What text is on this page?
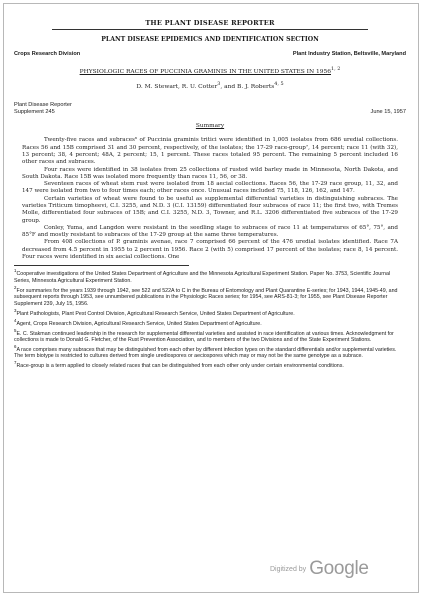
THE PLANT DISEASE REPORTER
PLANT DISEASE EPIDEMICS AND IDENTIFICATION SECTION
Crops Research Division	Plant Industry Station, Beltsville, Maryland
PHYSIOLOGIC RACES OF PUCCINIA GRAMINIS IN THE UNITED STATES IN 1956$^{1, 2}$
D. M. Stewart, R. U. Cotter$^3$, and B. J. Roberts$^{4, 5}$
Plant Disease Reporter
Supplement 245	June 15, 1957
Summary

Twenty-five races and subraces⁶ of Puccinia graminis tritici were identified in 1,005 isolates from 686 uredial collections. Races 56 and 15B comprised 31 and 30 percent, respectively, of the isolates; the 17-29 race-group⁷, 14 percent; race 11 (with 32), 13 percent; 38, 4 percent; 48A, 2 percent; 15, 1 percent. These races totaled 95 percent. The remaining 5 percent included 16 other races and subraces.

Four races were identified in 38 isolates from 25 collections of rusted wild barley made in Minnesota, North Dakota, and South Dakota. Race 15B was isolated more frequently than races 11, 56, or 38.

Seventeen races of wheat stem rust were isolated from 18 aecial collections. Races 56, the 17-29 race group, 11, 32, and 147 were isolated from two to four times each; other races once. Unusual races included 75, 118, 126, 162, and 147.

Certain varieties of wheat were found to be useful as supplemental differential varieties in distinguishing subraces. The varieties Triticum timopheevi, C.I. 3255, and N.D. 3 (C.I. 13159) differentiated four subraces of race 11; the first two, with Tremes Molle, differentiated four subraces of 15B; and C.I. 3255, N.D. 3, Towner, and R.L. 3206 differentiated five subraces of the 17-29 group.

Conley, Yuma, and Langdon were resistant in the seedling stage to subraces of race 11 at temperatures of 65°, 75°, and 85°F and mostly resistant to subraces of the 17-29 group at the same three temperatures.

From 408 collections of P. graminis avenae, race 7 comprised 66 percent of the 476 uredial isolates identified. Race 7A decreased from 4.5 percent in 1955 to 2 percent in 1956. Race 2 (with 5) comprised 17 percent of the isolates; race 8, 14 percent. Four races were identified in six aecial collections. One

$^1$Cooperative investigations of the United States Department of Agriculture and the Minnesota Agricultural Experiment Station. Paper No. 3753, Scientific Journal Series, Minnesota Agricultural Experiment Station.

$^2$For summaries for the years 1939 through 1942, see 522 and 522A to C in the Bureau of Entomology and Plant Quarantine E-series; for 1943, 1944, 1945-49, and subsequent reports through 1953, see unnumbered publications in the Physiologic Races series; for 1954, see ARS-81-3; for 1955, see Plant Disease Reporter Supplement 239, July 15, 1956.

$^3$Plant Pathologists, Plant Pest Control Division, Agricultural Research Service, United States Department of Agriculture.

$^4$Agent, Crops Research Division, Agricultural Research Service, United States Department of Agriculture.

$^5$E. C. Stakman continued leadership in the research for supplemental differential varieties and assisted in race identification at various times. Acknowledgment for collections is made to Donald G. Fletcher, of the Rust Prevention Association, and to members of the two Divisions and of the State Experiment Stations.

$^6$A race comprises many subraces that may be distinguished from each other by different infection types on the standard differentials and/or supplemental varieties. The term biotype is restricted to cultures derived from single urediospores or aeciospores which may or may not be the same genotype as a subrace.

$^7$Race-group is a term applied to closely related races that can be distinguished from each other only under certain environmental conditions.

Digitized by Google
